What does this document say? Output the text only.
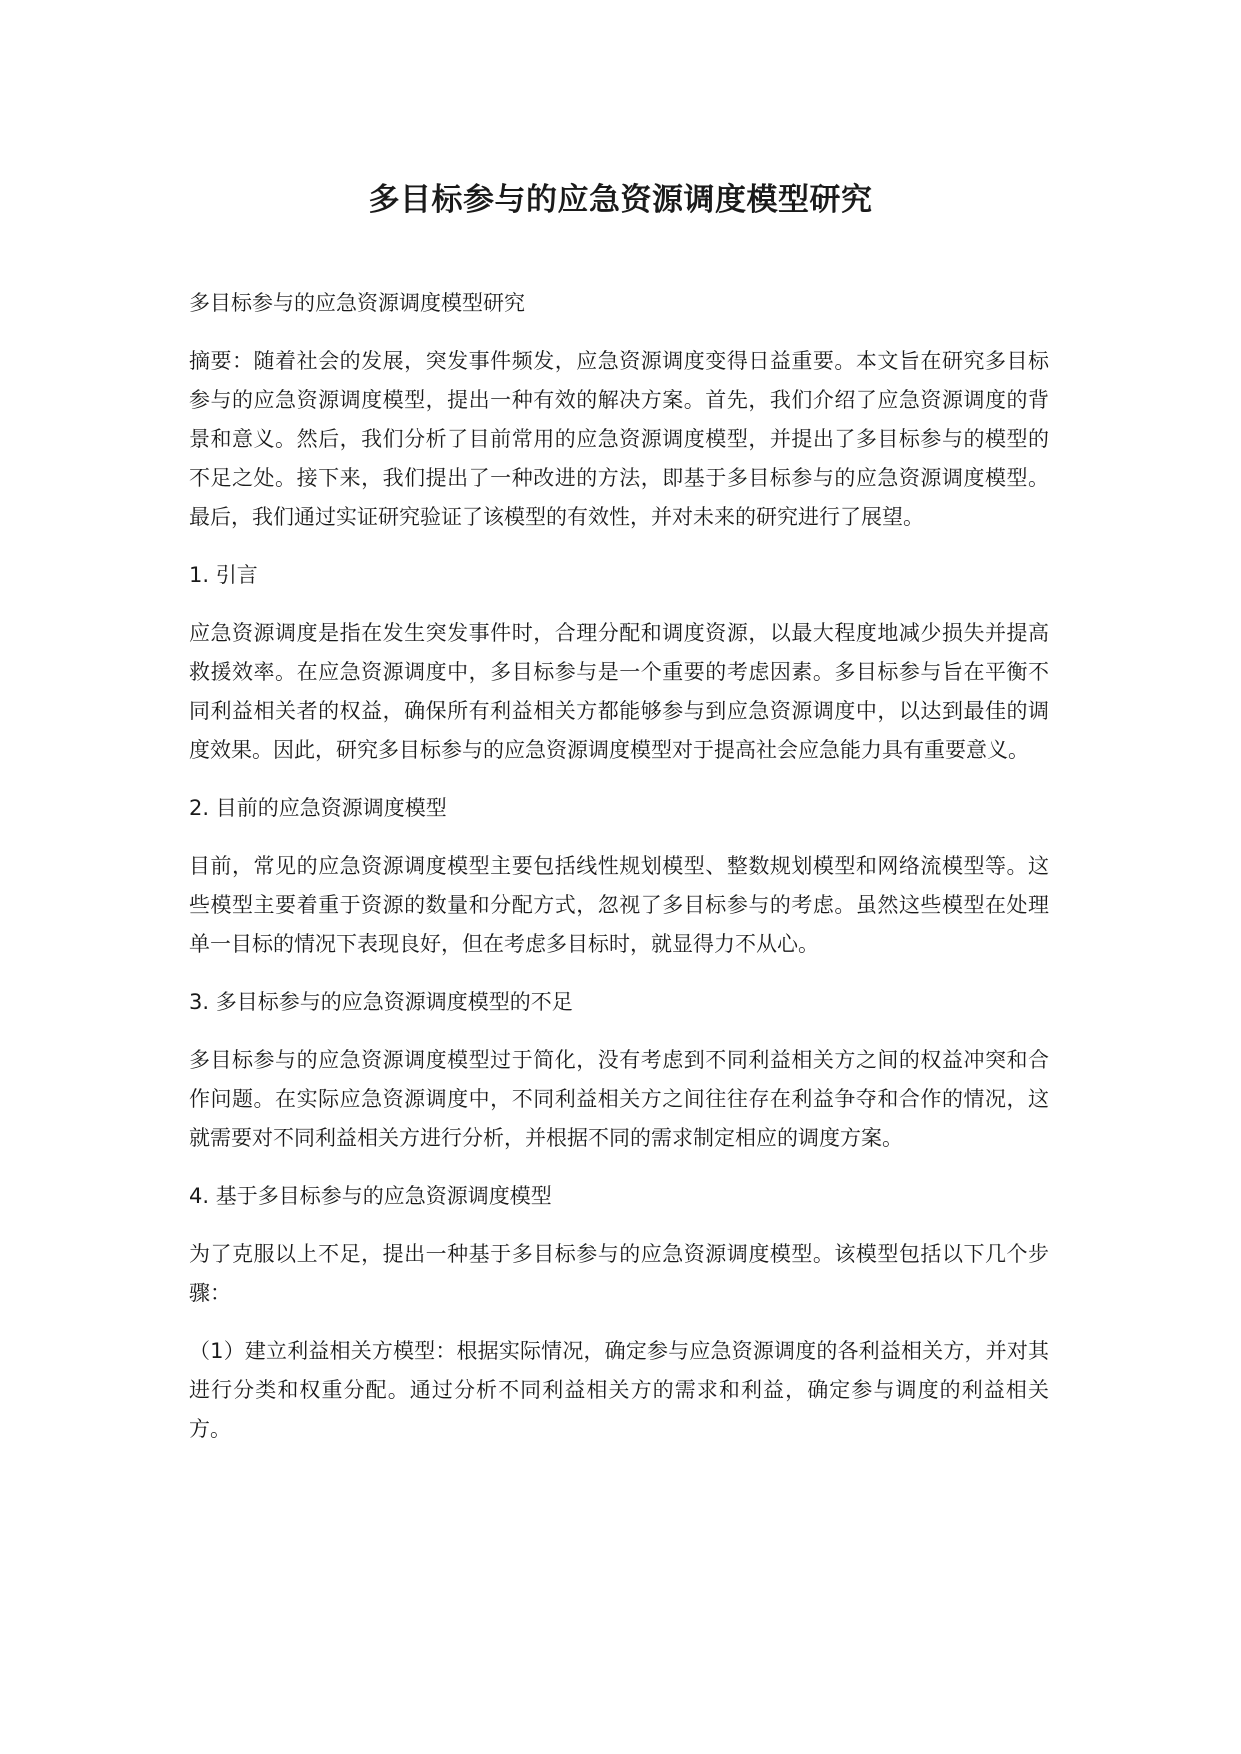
多目标参与的应急资源调度模型研究

多目标参与的应急资源调度模型研究

摘要：随着社会的发展，突发事件频发，应急资源调度变得日益重要。本文旨在研究多目标参与的应急资源调度模型，提出一种有效的解决方案。首先，我们介绍了应急资源调度的背景和意义。然后，我们分析了目前常用的应急资源调度模型，并提出了多目标参与的模型的不足之处。接下来，我们提出了一种改进的方法，即基于多目标参与的应急资源调度模型。最后，我们通过实证研究验证了该模型的有效性，并对未来的研究进行了展望。

1. 引言

应急资源调度是指在发生突发事件时，合理分配和调度资源，以最大程度地减少损失并提高救援效率。在应急资源调度中，多目标参与是一个重要的考虑因素。多目标参与旨在平衡不同利益相关者的权益，确保所有利益相关方都能够参与到应急资源调度中，以达到最佳的调度效果。因此，研究多目标参与的应急资源调度模型对于提高社会应急能力具有重要意义。

2. 目前的应急资源调度模型

目前，常见的应急资源调度模型主要包括线性规划模型、整数规划模型和网络流模型等。这些模型主要着重于资源的数量和分配方式，忽视了多目标参与的考虑。虽然这些模型在处理单一目标的情况下表现良好，但在考虑多目标时，就显得力不从心。

3. 多目标参与的应急资源调度模型的不足

多目标参与的应急资源调度模型过于简化，没有考虑到不同利益相关方之间的权益冲突和合作问题。在实际应急资源调度中，不同利益相关方之间往往存在利益争夺和合作的情况，这就需要对不同利益相关方进行分析，并根据不同的需求制定相应的调度方案。

4. 基于多目标参与的应急资源调度模型

为了克服以上不足，提出一种基于多目标参与的应急资源调度模型。该模型包括以下几个步骤：

（1）建立利益相关方模型：根据实际情况，确定参与应急资源调度的各利益相关方，并对其进行分类和权重分配。通过分析不同利益相关方的需求和利益，确定参与调度的利益相关方。
